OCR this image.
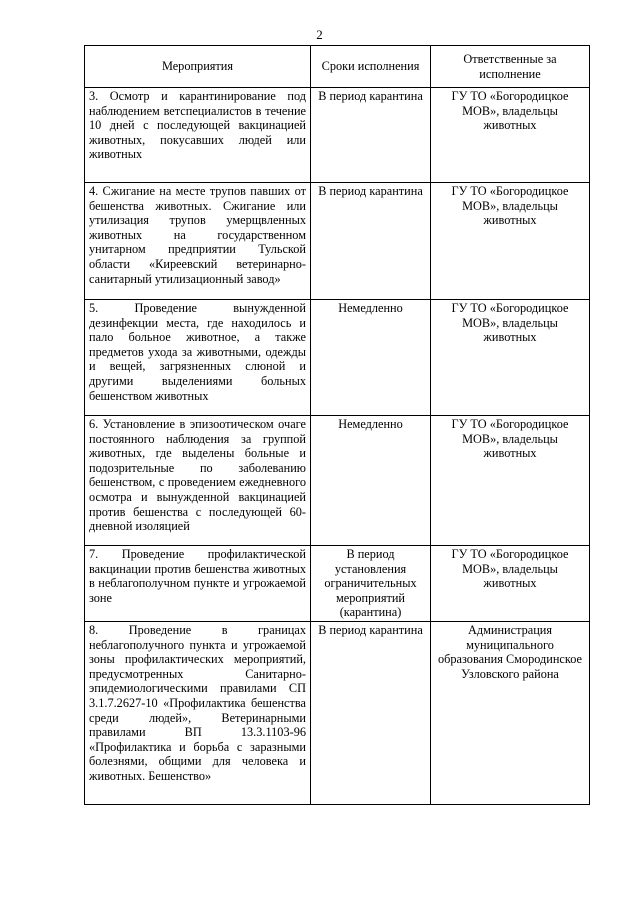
2
Мероприятия	Сроки исполнения	Ответственные за исполнение
3. Осмотр и карантинирование под наблюдением ветспециалистов в течение 10 дней с последующей вакцинацией животных, покусавших людей или животных	В период карантина	ГУ ТО «Богородицкое МОВ», владельцы животных
4. Сжигание на месте трупов павших от бешенства животных. Сжигание или утилизация трупов умерщвленных животных на государственном унитарном предприятии Тульской области «Киреевский ветеринарно-санитарный утилизационный завод»	В период карантина	ГУ ТО «Богородицкое МОВ», владельцы животных
5. Проведение вынужденной дезинфекции места, где находилось и пало больное животное, а также предметов ухода за животными, одежды и вещей, загрязненных слюной и другими выделениями больных бешенством животных	Немедленно	ГУ ТО «Богородицкое МОВ», владельцы животных
6. Установление в эпизоотическом очаге постоянного наблюдения за группой животных, где выделены больные и подозрительные по заболеванию бешенством, с проведением ежедневного осмотра и вынужденной вакцинацией против бешенства с последующей 60-дневной изоляцией	Немедленно	ГУ ТО «Богородицкое МОВ», владельцы животных
7. Проведение профилактической вакцинации против бешенства животных в неблагополучном пункте и угрожаемой зоне	В период установления ограничительных мероприятий (карантина)	ГУ ТО «Богородицкое МОВ», владельцы животных
8. Проведение в границах неблагополучного пункта и угрожаемой зоны профилактических мероприятий, предусмотренных Санитарно-эпидемиологическими правилами СП 3.1.7.2627-10 «Профилактика бешенства среди людей», Ветеринарными правилами ВП 13.3.1103-96 «Профилактика и борьба с заразными болезнями, общими для человека и животных. Бешенство»	В период карантина	Администрация муниципального образования Смородинское Узловского района
